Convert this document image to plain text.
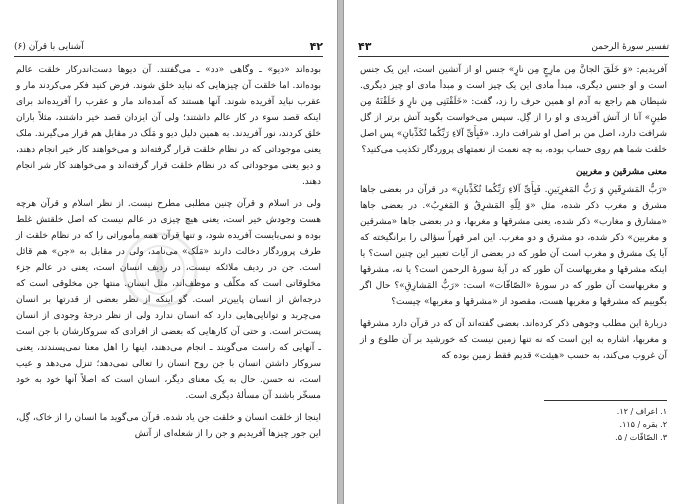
۴۲
آشنایی با قرآن (۶)

بوده‌اند «دیو» ـ وگاهی «دد» ـ می‌گفتند. آن دیوها دست‌اندرکار خلقت عالم بوده‌اند. اما خلقت آن چیزهایی که نباید خلق شوند. فرض کنید فکر می‌کردند مار و عقرب نباید آفریده شوند. آنها هستند که آمده‌اند مار و عقرب را آفریده‌اند برای اینکه قصد سوء در کار عالم داشتند؛ ولی آن ایزدان قصد خیر داشتند، مثلاً باران خلق کردند، نور آفریدند. به همین دلیل دیو و مَلَک در مقابل هم قرار می‌گیرند. ملک یعنی موجوداتی که در نظام خلقت قرار گرفته‌اند و می‌خواهند کار خیر انجام دهند، و دیو یعنی موجوداتی که در نظام خلقت قرار گرفته‌اند و می‌خواهند کار شر انجام دهند.

ولی در اسلام و قرآن چنین مطلبی مطرح نیست. از نظر اسلام و قرآن هرچه هست وجودش خیر است، یعنی هیچ چیزی در عالم نیست که اصل خلقتش غلط بوده و نمی‌بایست آفریده شود، و تنها قرآن همه مأموراتی را که در نظام خلقت از طرف پروردگار دخالت دارند «مَلَک» می‌نامد، ولی در مقابل به «جن» هم قائل است. جن در ردیف ملائکه نیست، در ردیف انسان است، یعنی در عالم جزء مخلوقاتی است که مکلّف و موظف‌اند، مثل انسان. منتها جن مخلوقی است که درجه‌اش از انسان پایین‌تر است. گو اینکه از نظر بعضی از قدرتها بر انسان می‌چربد و توانایی‌هایی دارد که انسان ندارد ولی از نظر درجهٔ وجودی از انسان پست‌تر است. و حتی آن کارهایی که بعضی از افرادی که سروکارشان با جن است ـ آنهایی که راست می‌گویند ـ انجام می‌دهند، اینها را اهل معنا نمی‌پسندند، یعنی سروکار داشتن انسان با جن روح انسان را تعالی نمی‌دهد؛ تنزل می‌دهد و عیب است، نه حسن. حال به یک معنای دیگر، انسان است که اصلاً آنها خود به خود مسخّر باشند آن مسألهٔ دیگری است.

اینجا از خلقت انسان و خلقت جن یاد شده. قرآن می‌گوید ما انسان را از خاک، گِل، این جور چیزها آفریدیم و جن را از شعله‌ای از آتش

۴۳	تفسیر سورهٔ الرحمن

آفریدیم: «وَ خَلَقَ الجانَّ مِن مارِجٍ مِن نارٍ» جنس او از آتشین است، این یک جنس است و او جنس دیگری، مبدأ مادی این یک چیز است و مبدأ مادی او چیز دیگری. شیطان هم راجع به آدم او همین حرف را زد، گفت: «خَلَقْتَنِی مِن نارٍ وَ خَلَقْتَهُ مِن طینٍ» آنا از آتش آفریدی و او را از گِل. سپس می‌خواست بگوید آتش برتر از گل شرافت دارد، اصل من بر اصل او شرافت دارد. «فَبِأَیِّ آلاءِ رَبِّکُما تُکَذِّبانِ» پس اصل خلقت شما هم روی حساب بوده، به چه نعمت از نعمتهای پروردگار تکذیب می‌کنید؟

معنی مشرقین و مغربین

«رَبُّ المَشرِقَینِ وَ رَبُّ المَغرِبَینِ. فَبِأَیِّ آلاءِ رَبِّکُما تُکَذِّبانِ» در قرآن در بعضی جاها مشرق و مغرب ذکر شده، مثل «وَ لِلّهِ المَشرِقُ وَ المَغرِبُ». در بعضی جاها «مشارق و مغارب» ذکر شده، یعنی مشرقها و مغربها، و در بعضی جاها «مشرقین و مغربین» ذکر شده، دو مشرق و دو مغرب. این امر قهراً سؤالی را برانگیخته که آیا یک مشرق و مغرب است آن طور که در بعضی از آیات تعبیر این چنین است؟ یا اینکه مشرقها و مغربهاست آن طور که در آیهٔ سورهٔ الرحمن است؟ یا نه، مشرقها و مغربهاست آن طور که در سورهٔ «الصّافّات» است: «رَبُّ المَشارِقِ»؟ حال اگر بگوییم که مشرقها و مغربها هست، مقصود از «مشرقها و مغربها» چیست؟

دربارهٔ این مطلب وجوهی ذکر کرده‌اند. بعضی گفته‌اند آن که در قرآن دارد مشرقها و مغربها، اشاره به این است که نه تنها زمین نیست که خورشید بر آن طلوع و از آن غروب می‌کند، به حسب «هیئت» قدیم فقط زمین بوده که

۱. اعراف / ۱۲.
۲. بقره / ۱۱۵.
۳. الصّافّات / ۵.
